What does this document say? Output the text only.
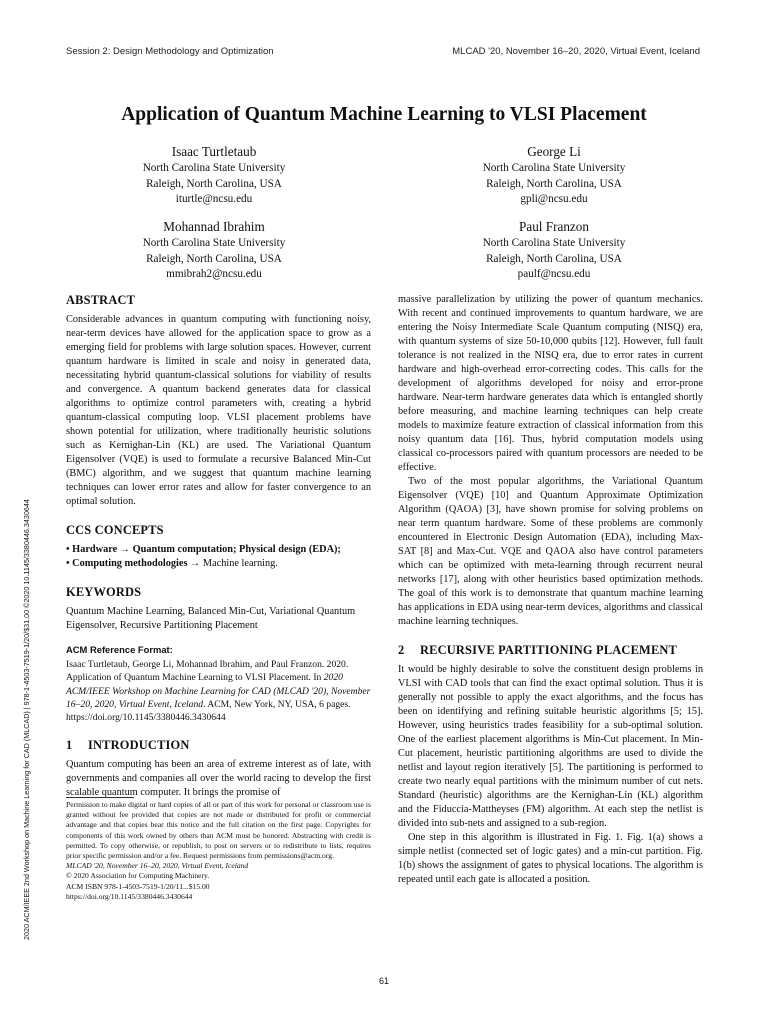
Session 2: Design Methodology and Optimization	MLCAD '20, November 16–20, 2020, Virtual Event, Iceland
2020 ACM/IEEE 2nd Workshop on Machine Learning for CAD (MLCAD) | 978-1-4503-7519-1/20/$31.00 ©2020 10.1145/3380446.3430644
Application of Quantum Machine Learning to VLSI Placement
Isaac Turtletaub
North Carolina State University
Raleigh, North Carolina, USA
iturtle@ncsu.edu
George Li
North Carolina State University
Raleigh, North Carolina, USA
gpli@ncsu.edu
Mohannad Ibrahim
North Carolina State University
Raleigh, North Carolina, USA
mmibrah2@ncsu.edu
Paul Franzon
North Carolina State University
Raleigh, North Carolina, USA
paulf@ncsu.edu
ABSTRACT

Considerable advances in quantum computing with functioning noisy, near-term devices have allowed for the application space to grow as a emerging field for problems with large solution spaces. However, current quantum hardware is limited in scale and noisy in generated data, necessitating hybrid quantum-classical solutions for viability of results and convergence. A quantum backend generates data for classical algorithms to optimize control parameters with, creating a hybrid quantum-classical computing loop. VLSI placement problems have shown potential for utilization, where traditionally heuristic solutions such as Kernighan-Lin (KL) are used. The Variational Quantum Eigensolver (VQE) is used to formulate a recursive Balanced Min-Cut (BMC) algorithm, and we suggest that quantum machine learning techniques can lower error rates and allow for faster convergence to an optimal solution.

CCS CONCEPTS
• Hardware → Quantum computation; Physical design (EDA);
• Computing methodologies → Machine learning.
KEYWORDS

Quantum Machine Learning, Balanced Min-Cut, Variational Quantum Eigensolver, Recursive Partitioning Placement

ACM Reference Format:
Isaac Turtletaub, George Li, Mohannad Ibrahim, and Paul Franzon. 2020. Application of Quantum Machine Learning to VLSI Placement. In 2020 ACM/IEEE Workshop on Machine Learning for CAD (MLCAD '20), November 16–20, 2020, Virtual Event, Iceland. ACM, New York, NY, USA, 6 pages. https://doi.org/10.1145/3380446.3430644
1 INTRODUCTION

Quantum computing has been an area of extreme interest as of late, with governments and companies all over the world racing to develop the first scalable quantum computer. It brings the promise of

Permission to make digital or hard copies of all or part of this work for personal or classroom use is granted without fee provided that copies are not made or distributed for profit or commercial advantage and that copies bear this notice and the full citation on the first page. Copyrights for components of this work owned by others than ACM must be honored. Abstracting with credit is permitted. To copy otherwise, or republish, to post on servers or to redistribute to lists, requires prior specific permission and/or a fee. Request permissions from permissions@acm.org.
MLCAD '20, November 16–20, 2020, Virtual Event, Iceland
© 2020 Association for Computing Machinery.
ACM ISBN 978-1-4503-7519-1/20/11...$15.00
https://doi.org/10.1145/3380446.3430644

massive parallelization by utilizing the power of quantum mechanics. With recent and continued improvements to quantum hardware, we are entering the Noisy Intermediate Scale Quantum computing (NISQ) era, with quantum systems of size 50-10,000 qubits [12]. However, full fault tolerance is not realized in the NISQ era, due to error rates in current hardware and high-overhead error-correcting codes. This calls for the development of algorithms developed for noisy and error-prone hardware. Near-term hardware generates data which is entangled shortly before measuring, and machine learning techniques can help create models to maximize feature extraction of classical information from this noisy quantum data [16]. Thus, hybrid computation models using classical co-processors paired with quantum processors are needed to be effective.

Two of the most popular algorithms, the Variational Quantum Eigensolver (VQE) [10] and Quantum Approximate Optimization Algorithm (QAOA) [3], have shown promise for solving problems on near term quantum hardware. Some of these problems are commonly encountered in Electronic Design Automation (EDA), including Max-SAT [8] and Max-Cut. VQE and QAOA also have control parameters which can be optimized with meta-learning through recurrent neural networks [17], along with other heuristics based optimization methods. The goal of this work is to demonstrate that quantum machine learning has applications in EDA using near-term devices, algorithms and classical machine learning techniques.

2 RECURSIVE PARTITIONING PLACEMENT

It would be highly desirable to solve the constituent design problems in VLSI with CAD tools that can find the exact optimal solution. Thus it is generally not possible to apply the exact algorithms, and the focus has been on identifying and refining suitable heuristic algorithms [5; 15]. However, using heuristics trades feasibility for a sub-optimal solution. One of the earliest placement algorithms is Min-Cut placement. In Min-Cut placement, heuristic partitioning algorithms are used to divide the netlist and layout region iteratively [5]. The partitioning is performed to create two nearly equal partitions with the minimum number of cut nets. Standard (heuristic) algorithms are the Kernighan-Lin (KL) algorithm and the Fiduccia-Mattheyses (FM) algorithm. At each step the netlist is divided into sub-nets and assigned to a sub-region.

One step in this algorithm is illustrated in Fig. 1. Fig. 1(a) shows a simple netlist (connected set of logic gates) and a min-cut partition. Fig. 1(b) shows the assignment of gates to physical locations. The algorithm is repeated until each gate is allocated a position.

61
